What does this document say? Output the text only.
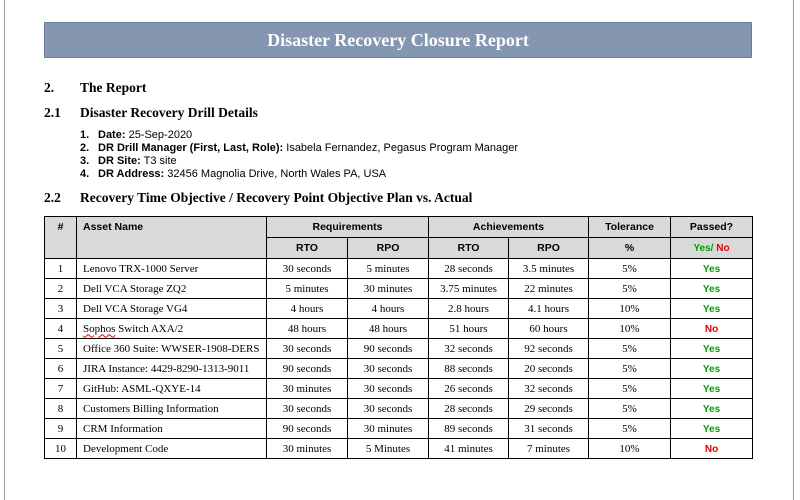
Disaster Recovery Closure Report
2. The Report
2.1 Disaster Recovery Drill Details
1. Date: 25-Sep-2020
2. DR Drill Manager (First, Last, Role): Isabela Fernandez, Pegasus Program Manager
3. DR Site: T3 site
4. DR Address: 32456 Magnolia Drive, North Wales PA, USA
2.2 Recovery Time Objective / Recovery Point Objective Plan vs. Actual
#	Asset Name	Requirements		Achievements		Tolerance	Passed?
		RTO	RPO	RTO	RPO	%	Yes/ No
1	Lenovo TRX-1000 Server	30 seconds	5 minutes	28 seconds	3.5 minutes	5%	Yes
2	Dell VCA Storage ZQ2	5 minutes	30 minutes	3.75 minutes	22 minutes	5%	Yes
3	Dell VCA Storage VG4	4 hours	4 hours	2.8 hours	4.1 hours	10%	Yes
4	Sophos Switch AXA/2	48 hours	48 hours	51 hours	60 hours	10%	No
5	Office 360 Suite: WWSER-1908-DERS	30 seconds	90 seconds	32 seconds	92 seconds	5%	Yes
6	JIRA Instance: 4429-8290-1313-9011	90 seconds	30 seconds	88 seconds	20 seconds	5%	Yes
7	GitHub: ASML-QXYE-14	30 minutes	30 seconds	26 seconds	32 seconds	5%	Yes
8	Customers Billing Information	30 seconds	30 seconds	28 seconds	29 seconds	5%	Yes
9	CRM Information	90 seconds	30 minutes	89 seconds	31 seconds	5%	Yes
10	Development Code	30 minutes	5 Minutes	41 minutes	7 minutes	10%	No
